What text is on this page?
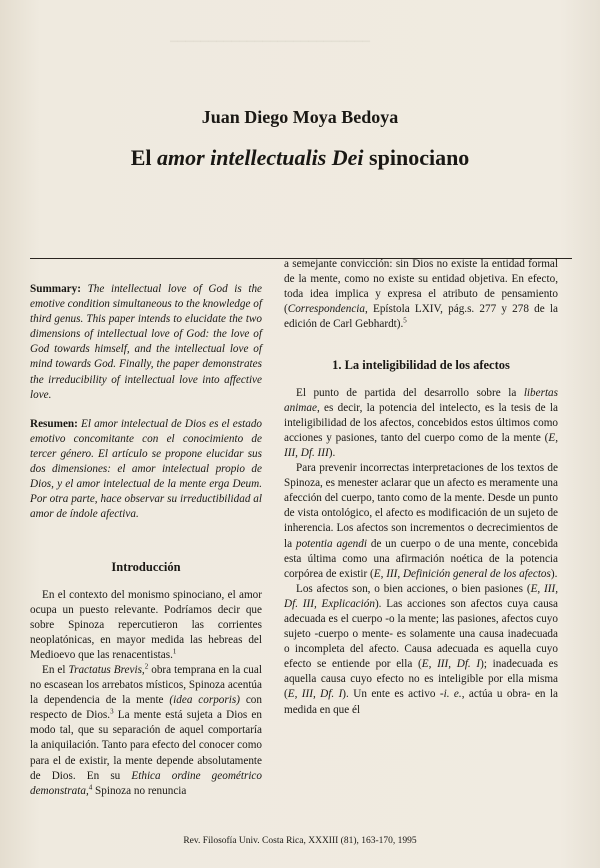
▔▔▔▔▔▔▔▔▔▔▔▔▔▔▔▔▔▔▔▔▔▔▔▔▔▔
Juan Diego Moya Bedoya
El amor intellectualis Dei spinociano

Summary: The intellectual love of God is the emotive condition simultaneous to the knowledge of third genus. This paper intends to elucidate the two dimensions of intellectual love of God: the love of God towards himself, and the intellectual love of mind towards God. Finally, the paper demonstrates the irreducibility of intellectual love into affective love.

Resumen: El amor intelectual de Dios es el estado emotivo concomitante con el conocimiento de tercer género. El artículo se propone elucidar sus dos dimensiones: el amor intelectual propio de Dios, y el amor intelectual de la mente erga Deum. Por otra parte, hace observar su irreductibilidad al amor de índole afectiva.

Introducción

En el contexto del monismo spinociano, el amor ocupa un puesto relevante. Podríamos decir que sobre Spinoza repercutieron las corrientes neoplatónicas, en mayor medida las hebreas del Medioevo que las renacentistas.$^1$

En el Tractatus Brevis,$^2$ obra temprana en la cual no escasean los arrebatos místicos, Spinoza acentúa la dependencia de la mente (idea corporis) con respecto de Dios.$^3$ La mente está sujeta a Dios en modo tal, que su separación de aquel comportaría la aniquilación. Tanto para efecto del conocer como para el de existir, la mente depende absolutamente de Dios. En su Ethica ordine geométrico demonstrata,$^4$ Spinoza no renuncia

a semejante convicción: sin Dios no existe la entidad formal de la mente, como no existe su entidad objetiva. En efecto, toda idea implica y expresa el atributo de pensamiento (Correspondencia, Epístola LXIV, pág.s. 277 y 278 de la edición de Carl Gebhardt).$^5$

1. La inteligibilidad de los afectos

El punto de partida del desarrollo sobre la libertas animae, es decir, la potencia del intelecto, es la tesis de la inteligibilidad de los afectos, concebidos estos últimos como acciones y pasiones, tanto del cuerpo como de la mente (E, III, Df. III).

Para prevenir incorrectas interpretaciones de los textos de Spinoza, es menester aclarar que un afecto es meramente una afección del cuerpo, tanto como de la mente. Desde un punto de vista ontológico, el afecto es modificación de un sujeto de inherencia. Los afectos son incrementos o decrecimientos de la potentia agendi de un cuerpo o de una mente, concebida esta última como una afirmación noética de la potencia corpórea de existir (E, III, Definición general de los afectos).

Los afectos son, o bien acciones, o bien pasiones (E, III, Df. III, Explicación). Las acciones son afectos cuya causa adecuada es el cuerpo -o la mente; las pasiones, afectos cuyo sujeto -cuerpo o mente- es solamente una causa inadecuada o incompleta del afecto. Causa adecuada es aquella cuyo efecto se entiende por ella (E, III, Df. I); inadecuada es aquella causa cuyo efecto no es inteligible por ella misma (E, III, Df. I). Un ente es activo -i. e., actúa u obra- en la medida en que él

Rev. Filosofía Univ. Costa Rica, XXXIII (81), 163-170, 1995
